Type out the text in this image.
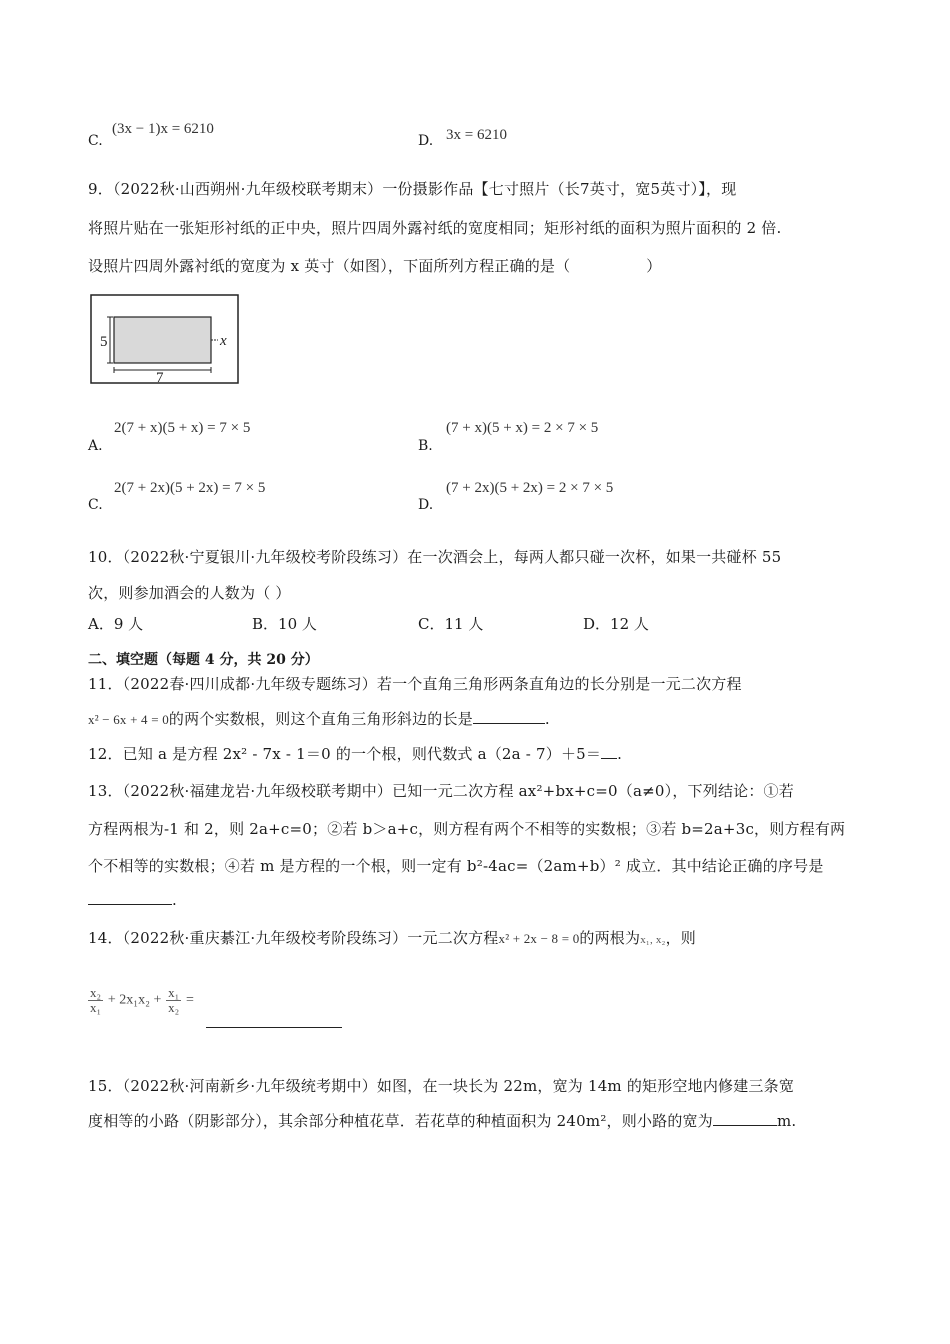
C.
(3x − 1)x = 6210
D. 3x = 6210
9．（2022秋·山西朔州·九年级校联考期末）一份摄影作品【七寸照片（长7英寸，宽5英寸）】，现
将照片贴在一张矩形衬纸的正中央，照片四周外露衬纸的宽度相同；矩形衬纸的面积为照片面积的 2 倍.
设照片四周外露衬纸的宽度为 x 英寸（如图），下面所列方程正确的是（　　　　　）
5
7
x
A.
2(7 + x)(5 + x) = 7 × 5
B.
(7 + x)(5 + x) = 2 × 7 × 5
C.
2(7 + 2x)(5 + 2x) = 7 × 5
D.
(7 + 2x)(5 + 2x) = 2 × 7 × 5
10．（2022秋·宁夏银川·九年级校考阶段练习）在一次酒会上，每两人都只碰一次杯，如果一共碰杯 55
次，则参加酒会的人数为（ ）
A．9 人	B．10 人	C．11 人	D．12 人
二、填空题（每题 4 分，共 20 分）
11．（2022春·四川成都·九年级专题练习）若一个直角三角形两条直角边的长分别是一元二次方程
x² − 6x + 4 = 0的两个实数根，则这个直角三角形斜边的长是	.
12．已知 a 是方程 2x² - 7x - 1＝0 的一个根，则代数式 a（2a - 7）＋5＝ .
13．（2022秋·福建龙岩·九年级校联考期中）已知一元二次方程 ax²+bx+c=0（a≠0），下列结论：①若
方程两根为-1 和 2，则 2a+c=0；②若 b＞a+c，则方程有两个不相等的实数根；③若 b=2a+3c，则方程有两
个不相等的实数根；④若 m 是方程的一个根，则一定有 b²-4ac=（2am+b）² 成立．其中结论正确的序号是
.
14．（2022秋·重庆綦江·九年级校考阶段练习）一元二次方程x² + 2x − 8 = 0的两根为x₁, x₂，则
$\frac{\text{x₂}}{\text{x₁}} + 2x_1x_2 + \frac{\text{x₁}}{\text{x₂}}$ =
15．（2022秋·河南新乡·九年级统考期中）如图，在一块长为 22m，宽为 14m 的矩形空地内修建三条宽
度相等的小路（阴影部分），其余部分种植花草．若花草的种植面积为 240m²，则小路的宽为	m.
